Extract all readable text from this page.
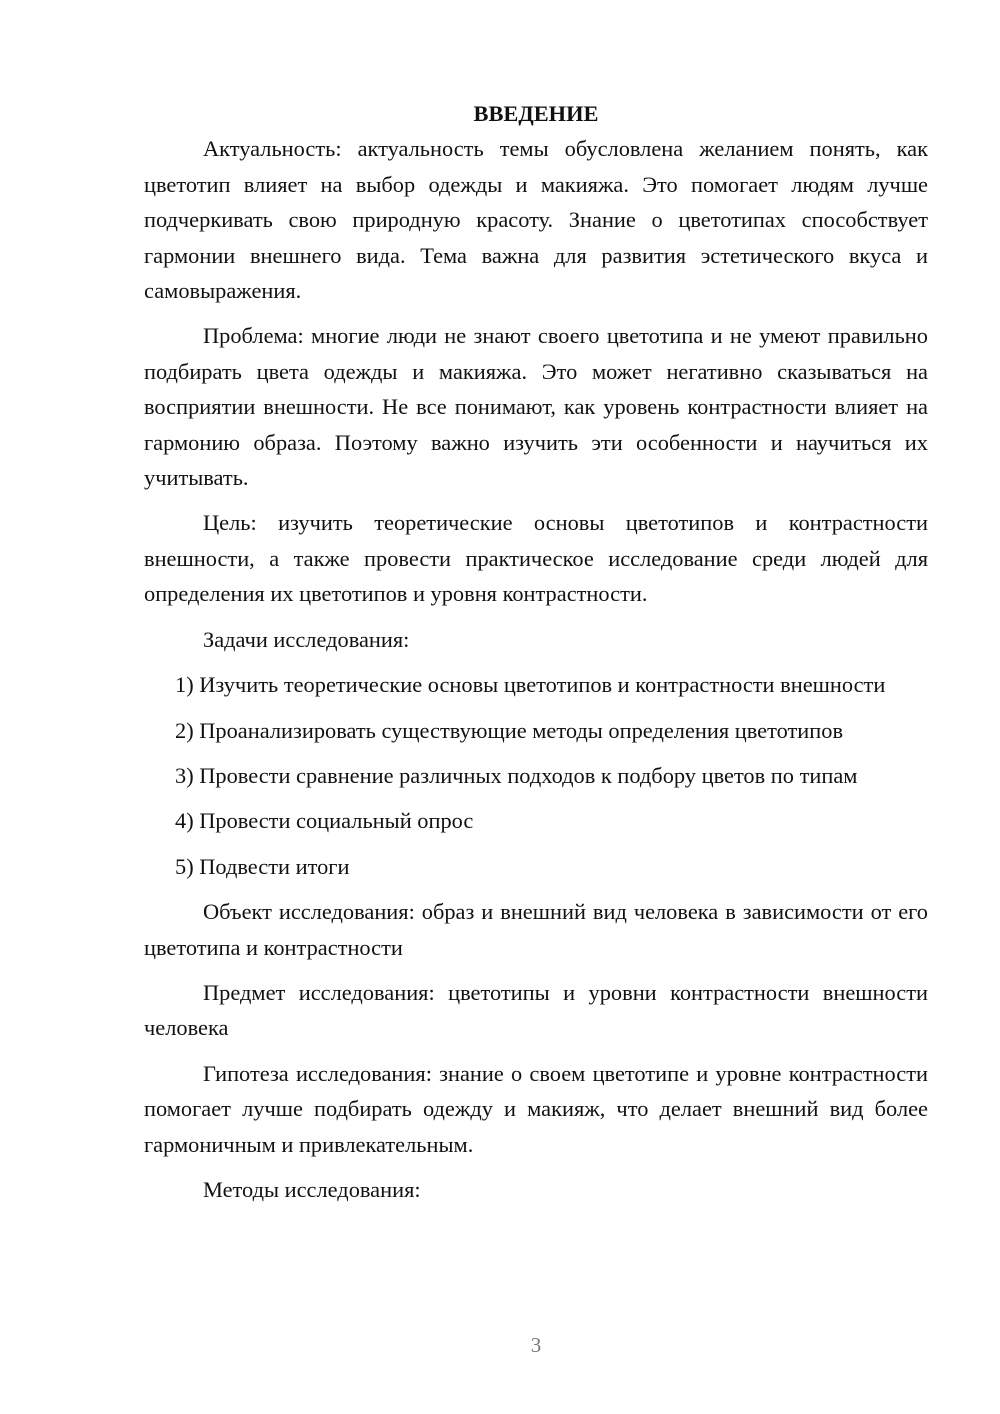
ВВЕДЕНИЕ

Актуальность: актуальность темы обусловлена желанием понять, как цветотип влияет на выбор одежды и макияжа. Это помогает людям лучше подчеркивать свою природную красоту. Знание о цветотипах способствует гармонии внешнего вида. Тема важна для развития эстетического вкуса и самовыражения.

Проблема: многие люди не знают своего цветотипа и не умеют правильно подбирать цвета одежды и макияжа. Это может негативно сказываться на восприятии внешности. Не все понимают, как уровень контрастности влияет на гармонию образа. Поэтому важно изучить эти особенности и научиться их учитывать.

Цель: изучить теоретические основы цветотипов и контрастности внешности, а также провести практическое исследование среди людей для определения их цветотипов и уровня контрастности.

Задачи исследования:

1) Изучить теоретические основы цветотипов и контрастности внешности

2) Проанализировать существующие методы определения цветотипов

3) Провести сравнение различных подходов к подбору цветов по типам

4) Провести социальный опрос

5) Подвести итоги

Объект исследования: образ и внешний вид человека в зависимости от его цветотипа и контрастности

Предмет исследования: цветотипы и уровни контрастности внешности человека

Гипотеза исследования: знание о своем цветотипе и уровне контрастности помогает лучше подбирать одежду и макияж, что делает внешний вид более гармоничным и привлекательным.

Методы исследования:

3
